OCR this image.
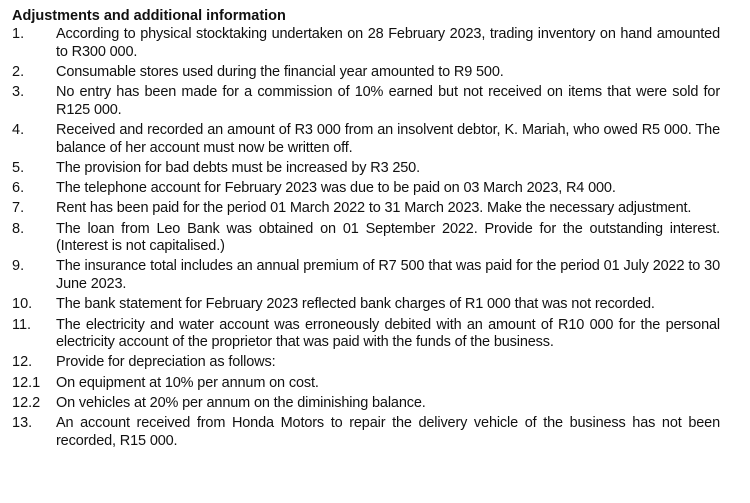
Adjustments and additional information
1.	According to physical stocktaking undertaken on 28 February 2023, trading inventory on hand amounted to R300 000.
2.	Consumable stores used during the financial year amounted to R9 500.
3.	No entry has been made for a commission of 10% earned but not received on items that were sold for R125 000.
4.	Received and recorded an amount of R3 000 from an insolvent debtor, K. Mariah, who owed R5 000. The balance of her account must now be written off.
5.	The provision for bad debts must be increased by R3 250.
6.	The telephone account for February 2023 was due to be paid on 03 March 2023, R4 000.
7.	Rent has been paid for the period 01 March 2022 to 31 March 2023. Make the necessary adjustment.
8.	The loan from Leo Bank was obtained on 01 September 2022. Provide for the outstanding interest. (Interest is not capitalised.)
9.	The insurance total includes an annual premium of R7 500 that was paid for the period 01 July 2022 to 30 June 2023.
10.	The bank statement for February 2023 reflected bank charges of R1 000 that was not recorded.
11.	The electricity and water account was erroneously debited with an amount of R10 000 for the personal electricity account of the proprietor that was paid with the funds of the business.
12.	Provide for depreciation as follows:
12.1	On equipment at 10% per annum on cost.
12.2	On vehicles at 20% per annum on the diminishing balance.
13.	An account received from Honda Motors to repair the delivery vehicle of the business has not been recorded, R15 000.
